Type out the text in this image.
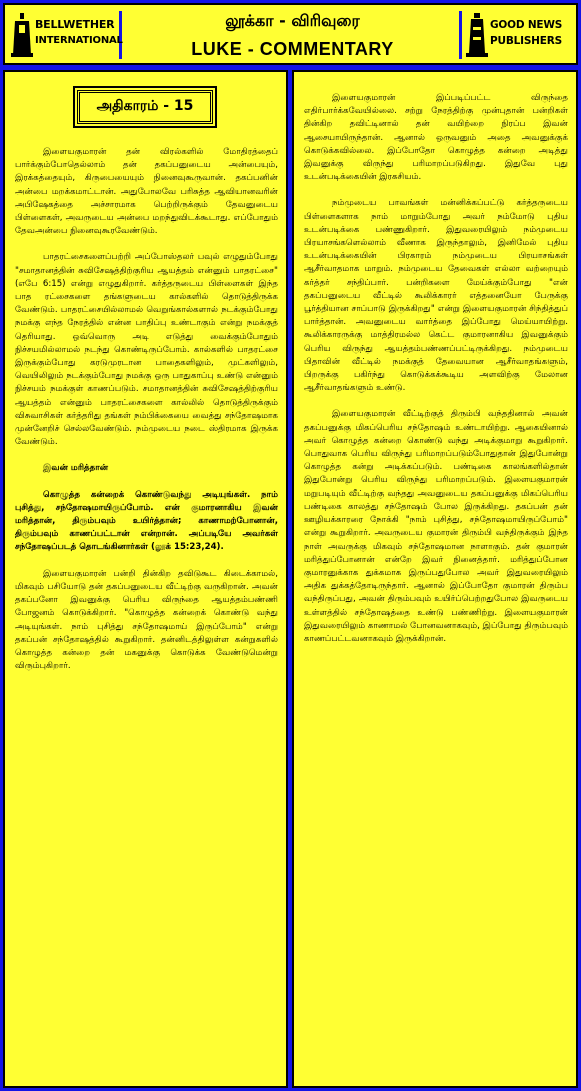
BELLWETHER
INTERNATIONAL
லூக்கா - விரிவுரை
LUKE - COMMENTARY
GOOD NEWS
PUBLISHERS
அதிகாரம் - 15

இளையகுமாரன் தன் விரல்களில் மோதிரத்தைப் பார்க்கும்போதெல்லாம் தன் தகப்பனுடைய அன்பையும், இரக்கத்தையும், கிருபையையும் நினைவுகூருவான். தகப்பனின் அன்பை மறக்கமாட்டான். அதுபோலவே பரிசுத்த ஆவியானவரின் அபிஷேகத்தை அச்சாரமாக பெற்றிருக்கும் தேவனுடைய பிள்ளைகள், அவருடைய அன்பை மறந்துவிடக்கூடாது. எப்போதும் தேவஅன்பை நினைவுகூரவேண்டும்.

பாதரட்சைகளைப்பற்றி அப்போஸ்தலர் பவுல் எழுதும்போது "சமாதானத்தின் சுவிசேஷத்திற்குரிய ஆயத்தம் என்னும் பாதரட்சை" (எபே 6:15) என்று எழுதுகிறார். கர்த்தருடைய பிள்ளைகள் இந்த பாத ரட்சைகளை தங்களுடைய கால்களில் தொடுத்திருக்க வேண்டும். பாதரட்சையில்லாமல் வெறுங்கால்களால் நடக்கும்போது நமக்கு எந்த நேரத்தில் என்ன பாதிப்பு உண்டாகும் என்று நமக்குத் தெரியாது. ஒவ்வொரு அடி எடுத்து வைக்கும்போதும் நிச்சயமில்லாமல் நடந்து கொண்டிருப்போம். கால்களில் பாதரட்சை இருக்கும்போது கரடுமுரடான பாதைகளிலும், முட்களிலும், வெயிலிலும் நடக்கும்போது நமக்கு ஒரு பாதுகாப்பு உண்டு என்னும் நிச்சயம் நமக்குள் காணப்படும். சமாதானத்தின் சுவிசேஷத்திற்குரிய ஆயத்தம் என்னும் பாதரட்சைகளை கால்லில் தொடுத்திருக்கும் விசுவாசிகள் கர்த்தரிது தங்கள் நம்பிக்கையை வைத்து சந்தோஷமாக முன்னேறிச் செல்லவேண்டும். நம்முடைய நடை ஸ்திரமாக இருக்க வேண்டும்.

இவன் மரித்தான்

கொழுத்த கன்றைக் கொண்டுவந்து அடியுங்கள். நாம் புசித்து, சந்தோஷமாயிருப்போம். என் குமாரனாகிய இவன் மரித்தான், திரும்பவும் உயிர்த்தான்; காணாமற்போனான், திரும்பவும் காணப்பட்டான் என்றான். அப்படியே அவர்கள் சந்தோஷப்படத் தொடங்கினார்கள் (லூக் 15:23,24).

இளையகுமாரன் பன்றி தின்கிற தவிடுகூட கிடைக்காமல், மிகவும் பசியோடு தன் தகப்பனுடைய வீட்டிற்கு வருகிறான். அவன் தகப்பனோ இவனுக்கு பெரிய விருந்தை ஆயத்தம்பண்ணி போஜனம் கொடுக்கிறார். "கொழுத்த கன்றைக் கொண்டு வந்து அடியுங்கள். நாம் புசித்து சந்தோஷமாய் இருப்போம்" என்று தகப்பன் சந்தோஷத்தில் கூறுகிறார். தன்னிடத்திலுள்ள கன்றுகளில் கொழுத்த கன்றை தன் மகனுக்கு கொடுக்க வேண்டுமென்று விரும்புகிறார்.

இளையகுமாரன் இப்படிப்பட்ட விருந்தை எதிர்பார்க்கவேயில்லை. சற்று நேரத்திற்கு முன்புதான் பன்றிகள் தின்கிற தவிட்டினால் தன் வயிற்றை நிரப்ப இவன் ஆசையாயிருந்தான். ஆனால் ஒருவனும் அதை அவனுக்குக் கொடுக்கவில்லை. இப்போதோ கொழுத்த கன்றை அடித்து இவனுக்கு விருந்து பரிமாறப்படுகிறது. இதுவே புது உடன்படிக்கையின் இரகசியம்.

நம்முடைய பாவங்கள் மன்னிக்கப்பட்டு கர்த்தருடைய பிள்ளைகளாக நாம் மாறும்போது அவர் நம்மோடு புதிய உடன்படிக்கை பண்ணுகிறார். இதுவரையிலும் நம்முடைய பிரயாசங்களெல்லாம் வீணாக இருந்தாலும், இனிமேல் புதிய உடன்படிக்கையின் பிரகாரம் நம்முடைய பிரயாசங்கள் ஆசீர்வாதமாக மாறும். நம்முடைய தேவைகள் எல்லா வற்றையும் கர்த்தர் சந்திப்பார். பன்றிகளை மேய்க்கும்போது "என் தகப்பனுடைய வீட்டில் கூலிக்காரர் எத்தனையோ பேருக்கு பூர்த்தியான சாப்பாடு இருக்கிறது" என்று இளையகுமாரன் சிந்தித்துப் பார்த்தான். அவனுடைய வார்த்தை இப்போது மெய்யாயிற்று. கூலிக்காரருக்கு மாத்திரமல்ல கெட்ட குமாரனாகிய இவனுக்கும் பெரிய விருந்து ஆயத்தம்பண்ணப்பட்டிருக்கிறது. நம்முடைய பிதாவின் வீட்டில் நமக்குத் தேவையான ஆசீர்வாதங்களும், பிறருக்கு பகிர்ந்து கொடுக்கக்கூடிய அளவிற்கு மேலான ஆசீர்வாதங்களும் உண்டு.

இளையகுமாரன் வீட்டிற்குத் திரும்பி வந்ததினால் அவன் தகப்பனுக்கு மிகப்பெரிய சந்தோஷம் உண்டாயிற்று. ஆகையினால் அவர் கொழுத்த கன்றை கொண்டு வந்து அடிக்குமாறு கூறுகிறார். பொதுவாக பெரிய விருந்து பரிமாறப்படும்போதுதான் இதுபோன்று கொழுத்த கன்று அடிக்கப்படும். பண்டிகை காலங்களில்தான் இதுபோன்று பெரிய விருந்து பரிமாறப்படும். இளையகுமாரன் மறுபடியும் வீட்டிற்கு வந்தது அவனுடைய தகப்பனுக்கு மிகப்பெரிய பண்டிகை காலத்து சந்தோஷம் போல இருக்கிறது. தகப்பன் தன் ஊழியக்காரரை நோக்கி "நாம் புசித்து, சந்தோஷமாயிருப்போம்" என்று கூறுகிறார். அவருடைய குமாரன் திரும்பி வந்திருக்கும் இந்த நாள் அவருக்கு மிகவும் சந்தோஷமான நாளாகும். தன் குமாரன் மரித்துப்போனான் என்றே இவர் நினைத்தார். மரித்துப்போன குமாரனுக்காக துக்கமாக இருப்பதுபோல அவர் இதுவரையிலும் அதிக துக்கத்தோடிருந்தார். ஆனால் இப்போதோ குமாரன் திரும்ப வந்திருப்பது, அவன் திரும்பவும் உயிர்ப்பெற்றதுபோல இவருடைய உள்ளத்தில் சந்தோஷத்தை உண்டு பண்ணிற்று. இளையகுமாரன் இதுவரையிலும் காணாமல் போனவனாகவும், இப்போது திரும்பவும் காணப்பட்டவனாகவும் இருக்கிறான்.
